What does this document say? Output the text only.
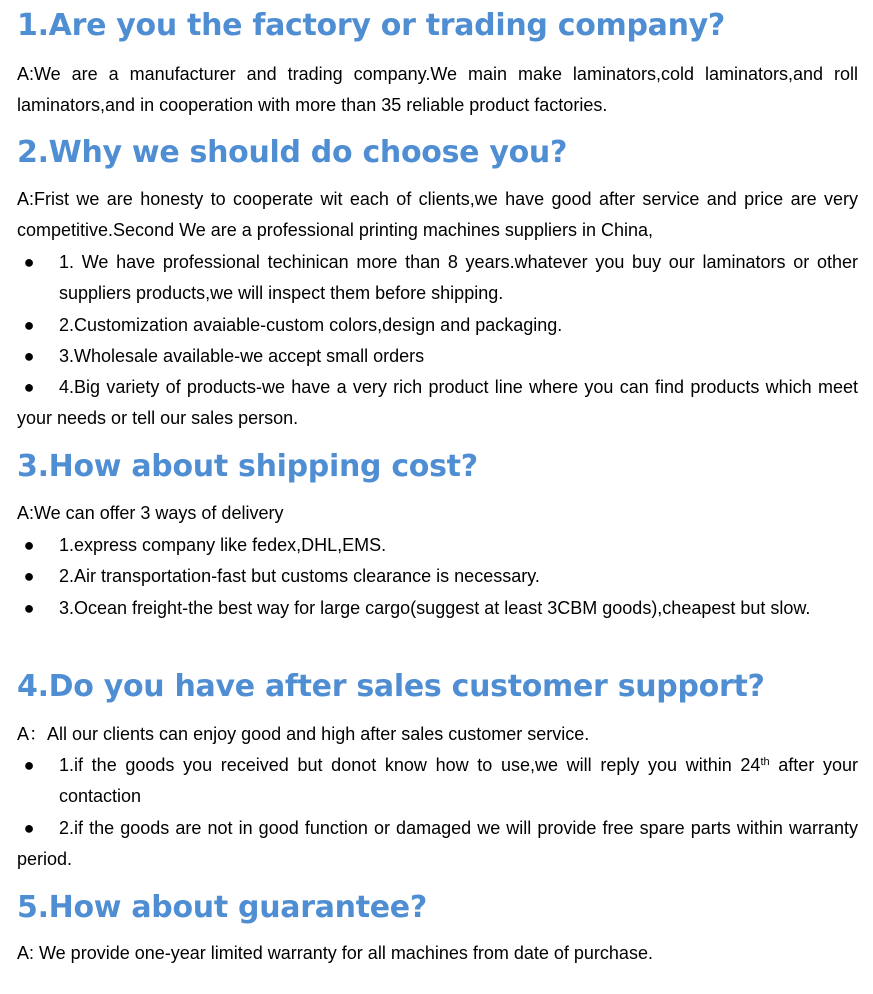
1.Are you the factory or trading company?
A:We are a manufacturer and trading company.We main make laminators,cold laminators,and roll laminators,and in cooperation with more than 35 reliable product factories.
2.Why we should do choose you?
A:Frist we are honesty to cooperate wit each of clients,we have good after service and price are very competitive.Second We are a professional printing machines suppliers in China,
●	1. We have professional techinican more than 8 years.whatever you buy our laminators or other suppliers products,we will inspect them before shipping.
●	2.Customization avaiable-custom colors,design and packaging.
●	3.Wholesale available-we accept small orders
●	4.Big variety of products-we have a very rich product line where you can find products which meet your needs or tell our sales person.
3.How about shipping cost?
A:We can offer 3 ways of delivery
●	1.express company like fedex,DHL,EMS.
●	2.Air transportation-fast but customs clearance is necessary.
●	3.Ocean freight-the best way for large cargo(suggest at least 3CBM goods),cheapest but slow.
4.Do you have after sales customer support?
A：All our clients can enjoy good and high after sales customer service.
●	1.if the goods you received but donot know how to use,we will reply you within 24th after your contaction
●	2.if the goods are not in good function or damaged we will provide free spare parts within warranty period.
5.How about guarantee?
A: We provide one-year limited warranty for all machines from date of purchase.
